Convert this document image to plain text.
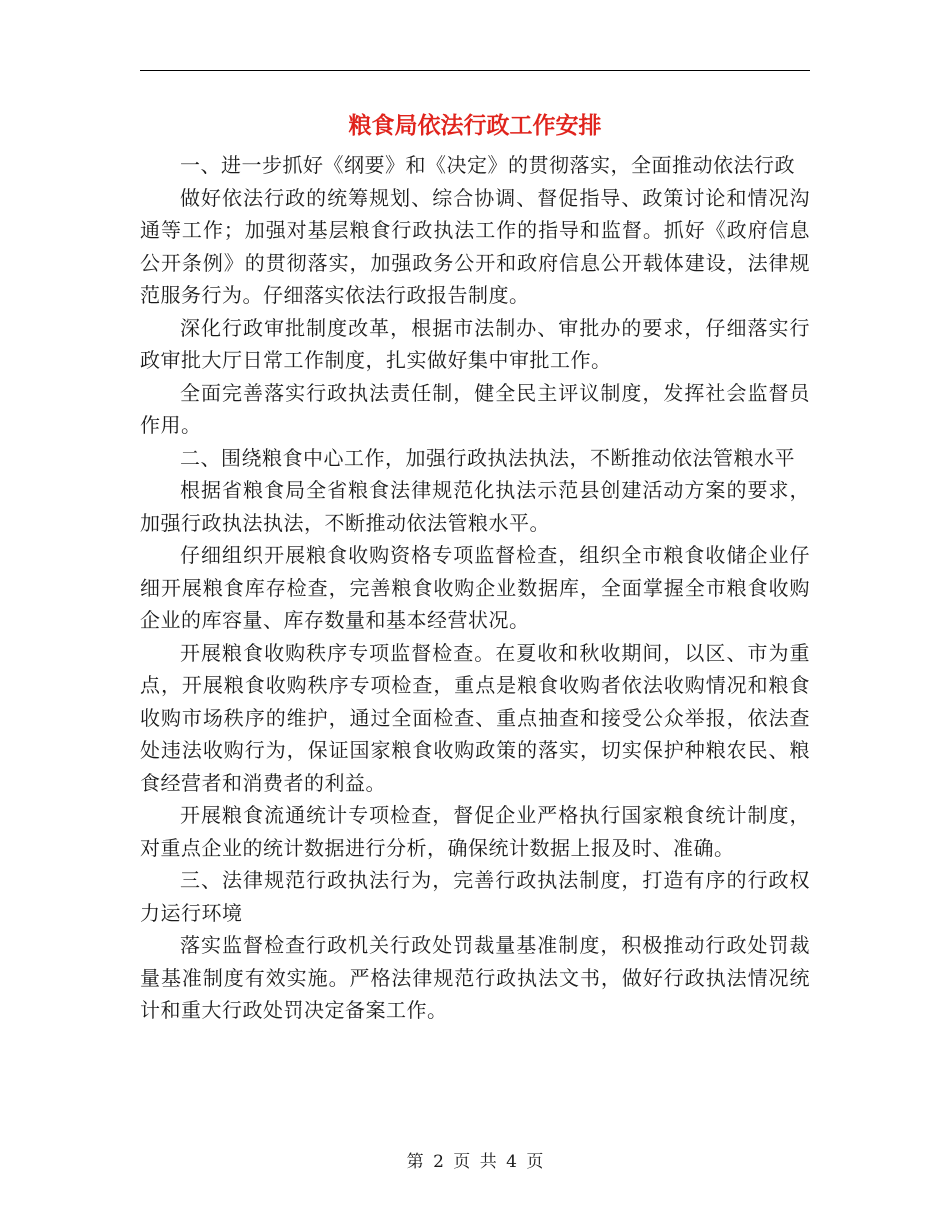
粮食局依法行政工作安排

一、进一步抓好《纲要》和《决定》的贯彻落实，全面推动依法行政

做好依法行政的统筹规划、综合协调、督促指导、政策讨论和情况沟通等工作；加强对基层粮食行政执法工作的指导和监督。抓好《政府信息公开条例》的贯彻落实，加强政务公开和政府信息公开载体建设，法律规范服务行为。仔细落实依法行政报告制度。

深化行政审批制度改革，根据市法制办、审批办的要求，仔细落实行政审批大厅日常工作制度，扎实做好集中审批工作。

全面完善落实行政执法责任制，健全民主评议制度，发挥社会监督员作用。

二、围绕粮食中心工作，加强行政执法执法，不断推动依法管粮水平

根据省粮食局全省粮食法律规范化执法示范县创建活动方案的要求，加强行政执法执法，不断推动依法管粮水平。

仔细组织开展粮食收购资格专项监督检查，组织全市粮食收储企业仔细开展粮食库存检查，完善粮食收购企业数据库，全面掌握全市粮食收购企业的库容量、库存数量和基本经营状况。

开展粮食收购秩序专项监督检查。在夏收和秋收期间，以区、市为重点，开展粮食收购秩序专项检查，重点是粮食收购者依法收购情况和粮食收购市场秩序的维护，通过全面检查、重点抽查和接受公众举报，依法查处违法收购行为，保证国家粮食收购政策的落实，切实保护种粮农民、粮食经营者和消费者的利益。

开展粮食流通统计专项检查，督促企业严格执行国家粮食统计制度，对重点企业的统计数据进行分析，确保统计数据上报及时、准确。

三、法律规范行政执法行为，完善行政执法制度，打造有序的行政权力运行环境

落实监督检查行政机关行政处罚裁量基准制度，积极推动行政处罚裁量基准制度有效实施。严格法律规范行政执法文书，做好行政执法情况统计和重大行政处罚决定备案工作。

第 2 页 共 4 页
